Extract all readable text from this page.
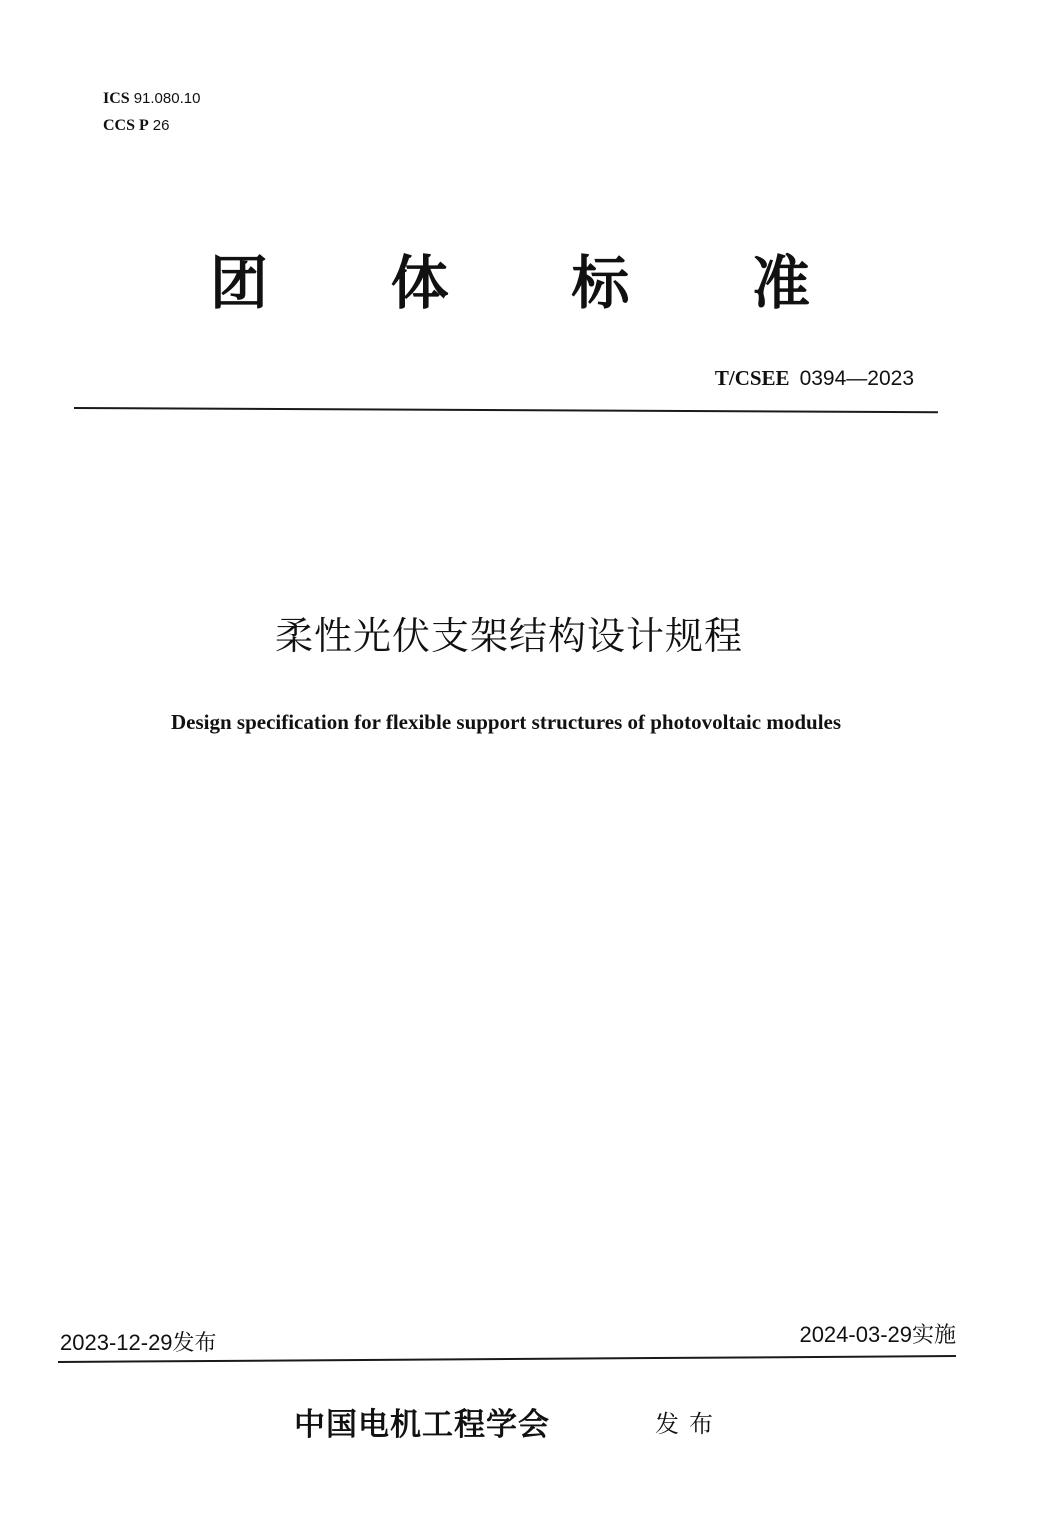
ICS 91.080.10
CCS P 26
团 体 标 准
T/CSEE 0394—2023
柔性光伏支架结构设计规程
Design specification for flexible support structures of photovoltaic modules
2023-12-29发布	2024-03-29实施
中国电机工程学会	发布
